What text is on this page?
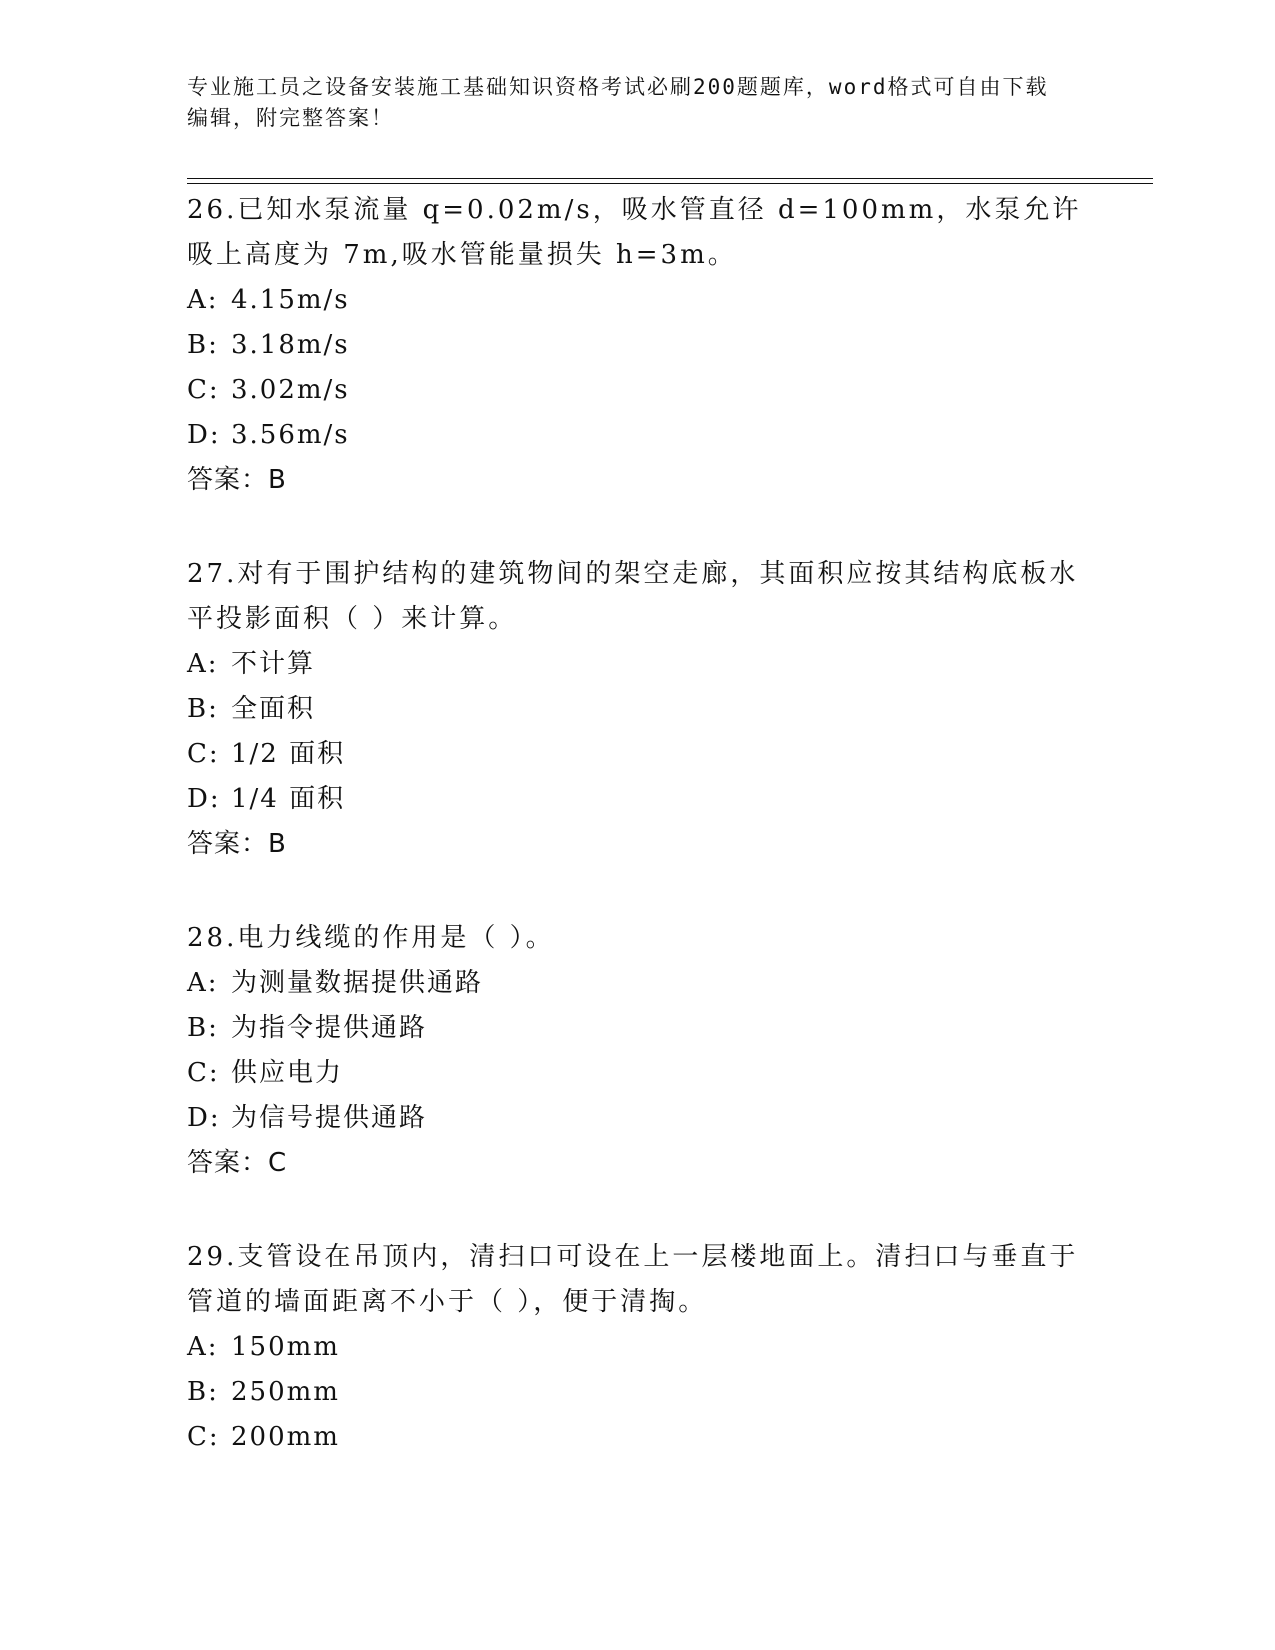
专业施工员之设备安装施工基础知识资格考试必刷200题题库，word格式可自由下载编辑，附完整答案！

26.已知水泵流量 q=0.02m/s，吸水管直径 d=100mm，水泵允许吸上高度为 7m,吸水管能量损失 h=3m。

A: 4.15m/s

B: 3.18m/s

C: 3.02m/s

D: 3.56m/s

答案：B

27.对有于围护结构的建筑物间的架空走廊，其面积应按其结构底板水平投影面积（ ）来计算。

A: 不计算

B: 全面积

C: 1/2 面积

D: 1/4 面积

答案：B

28.电力线缆的作用是（ ）。

A: 为测量数据提供通路

B: 为指令提供通路

C: 供应电力

D: 为信号提供通路

答案：C

29.支管设在吊顶内，清扫口可设在上一层楼地面上。清扫口与垂直于管道的墙面距离不小于（ ），便于清掏。

A: 150mm

B: 250mm

C: 200mm
